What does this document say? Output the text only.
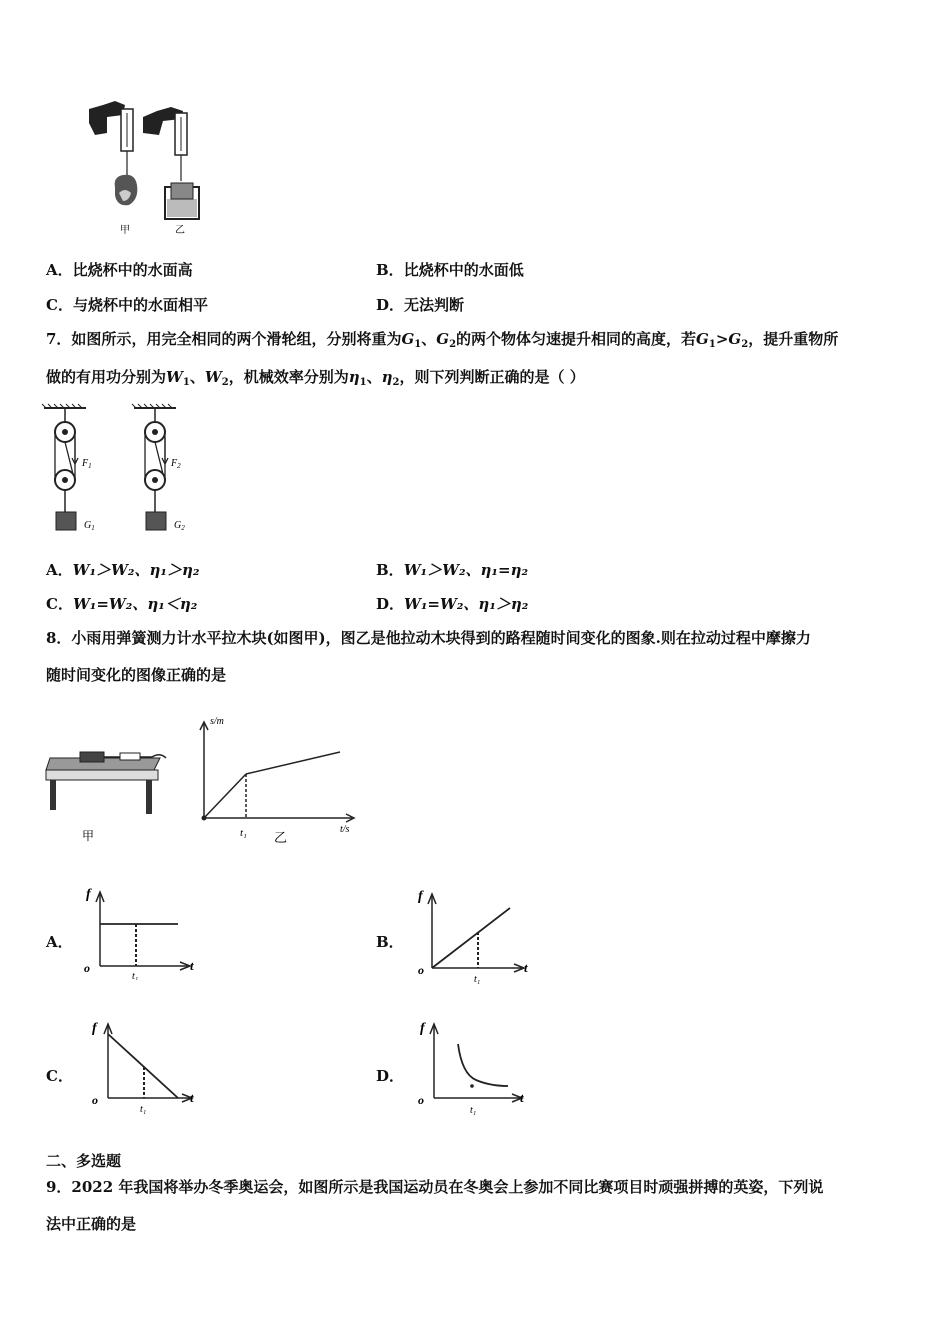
甲	乙
A．比烧杯中的水面高	B．比烧杯中的水面低
C．与烧杯中的水面相平	D．无法判断
7．如图所示，用完全相同的两个滑轮组，分别将重为$G_1$、$G_2$的两个物体匀速提升相同的高度，若$G_1>G_2$，提升重物所
做的有用功分别为$W_1$、$W_2$，机械效率分别为$\eta_1$、$\eta_2$，则下列判断正确的是（ ）
$F_1$
$G_1$
$F_2$
$G_2$
A．W₁＞W₂、η₁＞η₂	B．W₁＞W₂、η₁=η₂
C．W₁=W₂、η₁＜η₂	D．W₁=W₂、η₁＞η₂
8．小雨用弹簧测力计水平拉木块(如图甲)，图乙是他拉动木块得到的路程随时间变化的图象.则在拉动过程中摩擦力
随时间变化的图像正确的是
甲
s/m
t/s
t₁ 乙
A．
f
o	t
t₁
B．
f
o	t
t₁
C．
f
o	t
t₁
D．
f
o	t
t₁
二、多选题
9．2022 年我国将举办冬季奥运会，如图所示是我国运动员在冬奥会上参加不同比赛项目时顽强拼搏的英姿，下列说
法中正确的是
